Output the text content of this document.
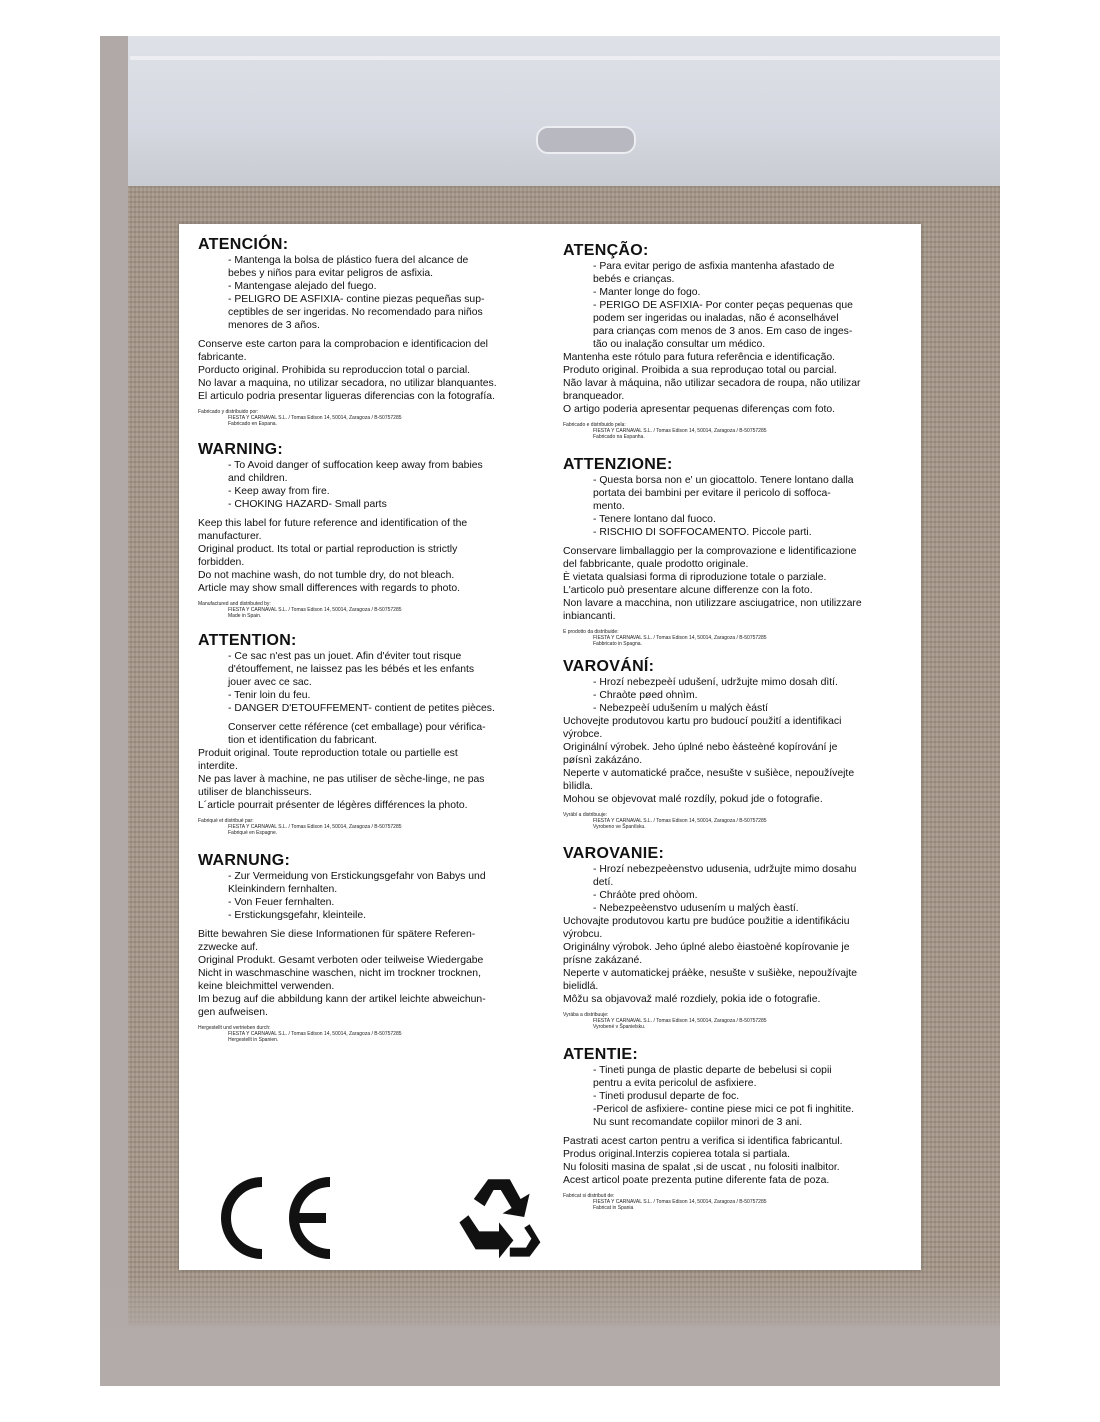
ATENCIÓN:
- Mantenga la bolsa de plástico fuera del alcance de
bebes y niños para evitar peligros de asfixia.
- Mantengase alejado del fuego.
- PELIGRO DE ASFIXIA- contine piezas pequeñas sup-
ceptibles de ser ingeridas. No recomendado para niños
menores de 3 años.
Conserve este carton para la comprobacion e identificacion del
fabricante.
Porducto original. Prohibida su reproduccion total o parcial.
No lavar a maquina, no utilizar secadora, no utilizar blanquantes.
El articulo podria presentar ligueras diferencias con la fotografía.
Fabricado y distribuido por:
FIESTA Y CARNAVAL S.L. / Tomas Edison 14, 50014, Zaragoza / B-50757285
Fabricado en Espana.
WARNING:
- To Avoid danger of suffocation keep away from babies
and children.
- Keep away from fire.
- CHOKING HAZARD- Small parts
Keep this label for future reference and identification of the
manufacturer.
Original product. Its total or partial reproduction is strictly
forbidden.
Do not machine wash, do not tumble dry, do not bleach.
Article may show small differences with regards to photo.
Manufactured and distributed by:
FIESTA Y CARNAVAL S.L. / Tomas Edison 14, 50014, Zaragoza / B-50757285
Made in Spain.
ATTENTION:
- Ce sac n'est pas un jouet. Afin d'éviter tout risque
d'étouffement, ne laissez pas les bébés et les enfants
jouer avec ce sac.
- Tenir loin du feu.
- DANGER D'ETOUFFEMENT- contient de petites pièces.
Conserver cette référence (cet emballage) pour vérifica-
tion et identification du fabricant.
Produit original. Toute reproduction totale ou partielle est
interdite.
Ne pas laver à machine, ne pas utiliser de sèche-linge, ne pas
utiliser de blanchisseurs.
L´article pourrait présenter de légères différences la photo.
Fabriqué et distribué par:
FIESTA Y CARNAVAL S.L. / Tomas Edison 14, 50014, Zaragoza / B-50757285
Fabriqué en Espagne.
WARNUNG:
- Zur Vermeidung von Erstickungsgefahr von Babys und
Kleinkindern fernhalten.
- Von Feuer fernhalten.
- Erstickungsgefahr, kleinteile.
Bitte bewahren Sie diese Informationen für spätere Referen-
zzwecke auf.
Original Produkt. Gesamt verboten oder teilweise Wiedergabe
Nicht in waschmaschine waschen, nicht im trockner trocknen,
keine bleichmittel verwenden.
Im bezug auf die abbildung kann der artikel leichte abweichun-
gen aufweisen.
Hergestellt und vertrieben durch:
FIESTA Y CARNAVAL S.L. / Tomas Edison 14, 50014, Zaragoza / B-50757285
Hergestellt in Spanien.
ATENÇÃO:
- Para evitar perigo de asfixia mantenha afastado de
bebés e crianças.
- Manter longe do fogo.
- PERIGO DE ASFIXIA- Por conter peças pequenas que
podem ser ingeridas ou inaladas, não é aconselhável
para crianças com menos de 3 anos. Em caso de inges-
tão ou inalação consultar um médico.
Mantenha este rótulo para futura referência e identificação.
Produto original. Proibida a sua reproduçao total ou parcial.
Não lavar à máquina, não utilizar secadora de roupa, não utilizar
branqueador.
O artigo poderia apresentar pequenas diferenças com foto.
Fabricado e distribuido pela:
FIESTA Y CARNAVAL S.L. / Tomas Edison 14, 50014, Zaragoza / B-50757285
Fabricado na Espanha.
ATTENZIONE:
- Questa borsa non e' un giocattolo. Tenere lontano dalla
portata dei bambini per evitare il pericolo di soffoca-
mento.
- Tenere lontano dal fuoco.
- RISCHIO DI SOFFOCAMENTO. Piccole parti.
Conservare limballaggio per la comprovazione e lidentificazione
del fabbricante, quale prodotto originale.
È vietata qualsiasi forma di riproduzione totale o parziale.
L'articolo può presentare alcune differenze con la foto.
Non lavare a macchina, non utilizzare asciugatrice, non utilizzare
inbiancanti.
E prodotto da distribuide:
FIESTA Y CARNAVAL S.L. / Tomas Edison 14, 50014, Zaragoza / B-50757285
Fabbricato in Spagna.
VAROVÁNÍ:
- Hrozí nebezpeèí udušení, udržujte mimo dosah dìtí.
- Chraòte pøed ohnìm.
- Nebezpeèí udušením u malých èástí
Uchovejte produtovou kartu pro budoucí použití a identifikaci
výrobce.
Originální výrobek. Jeho úplné nebo èásteèné kopírování je
pøísnì zakázáno.
Neperte v automatické pračce, nesušte v sušièce, nepoužívejte
bìlidla.
Mohou se objevovat malé rozdíly, pokud jde o fotografie.
Vyrábí a distribuuje:
FIESTA Y CARNAVAL S.L. / Tomas Edison 14, 50014, Zaragoza / B-50757285
Vyrobeno ve Španìlsku.
VAROVANIE:
- Hrozí nebezpeèenstvo udusenia, udržujte mimo dosahu
detí.
- Chráòte pred ohòom.
- Nebezpeèenstvo udusením u malých èastí.
Uchovajte produtovou kartu pre budúce použitie a identifikáciu
výrobcu.
Originálny výrobok. Jeho úplné alebo èiastoèné kopírovanie je
prísne zakázané.
Neperte v automatickej práèke, nesušte v sušièke, nepoužívajte
bielidlá.
Môžu sa objavovaž malé rozdiely, pokia ide o fotografie.
Vyrába a distribuuje:
FIESTA Y CARNAVAL S.L. / Tomas Edison 14, 50014, Zaragoza / B-50757285
Vyrobené v Španielsku.
ATENTIE:
- Tineti punga de plastic departe de bebelusi si copii
pentru a evita pericolul de asfixiere.
- Tineti produsul departe de foc.
-Pericol de asfixiere- contine piese mici ce pot fi inghitite.
Nu sunt recomandate copiilor minori de 3 ani.
Pastrati acest carton pentru a verifica si identifica fabricantul.
Produs original.Interzis copierea totala si partiala.
Nu folositi masina de spalat ,si de uscat , nu folositi inalbitor.
Acest articol poate prezenta putine diferente fata de poza.
Fabricat si distribuit de:
FIESTA Y CARNAVAL S.L. / Tomas Edison 14, 50014, Zaragoza / B-50757285
Fabricat in Spania
